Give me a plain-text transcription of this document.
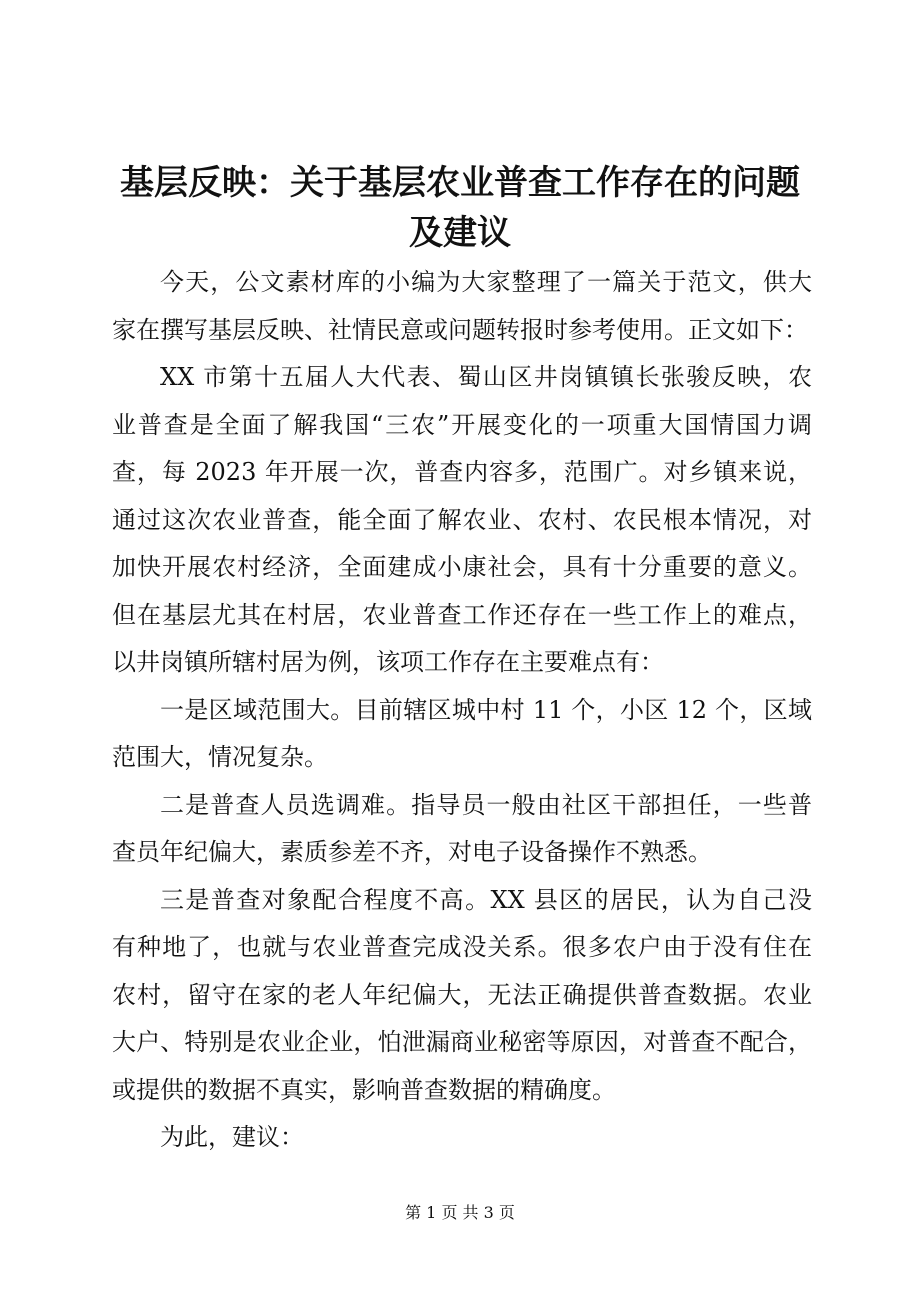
基层反映：关于基层农业普查工作存在的问题
及建议
今天，公文素材库的小编为大家整理了一篇关于范文，供大
家在撰写基层反映、社情民意或问题转报时参考使用。正文如下：
XX 市第十五届人大代表、蜀山区井岗镇镇长张骏反映，农
业普查是全面了解我国“三农”开展变化的一项重大国情国力调
查，每 2023 年开展一次，普查内容多，范围广。对乡镇来说，
通过这次农业普查，能全面了解农业、农村、农民根本情况，对
加快开展农村经济，全面建成小康社会，具有十分重要的意义。
但在基层尤其在村居，农业普查工作还存在一些工作上的难点，
以井岗镇所辖村居为例，该项工作存在主要难点有：
一是区域范围大。目前辖区城中村 11 个，小区 12 个，区域
范围大，情况复杂。
二是普查人员选调难。指导员一般由社区干部担任，一些普
查员年纪偏大，素质参差不齐，对电子设备操作不熟悉。
三是普查对象配合程度不高。XX 县区的居民，认为自己没
有种地了，也就与农业普查完成没关系。很多农户由于没有住在
农村，留守在家的老人年纪偏大，无法正确提供普查数据。农业
大户、特别是农业企业，怕泄漏商业秘密等原因，对普查不配合，
或提供的数据不真实，影响普查数据的精确度。
为此，建议：
第 1 页 共 3 页
